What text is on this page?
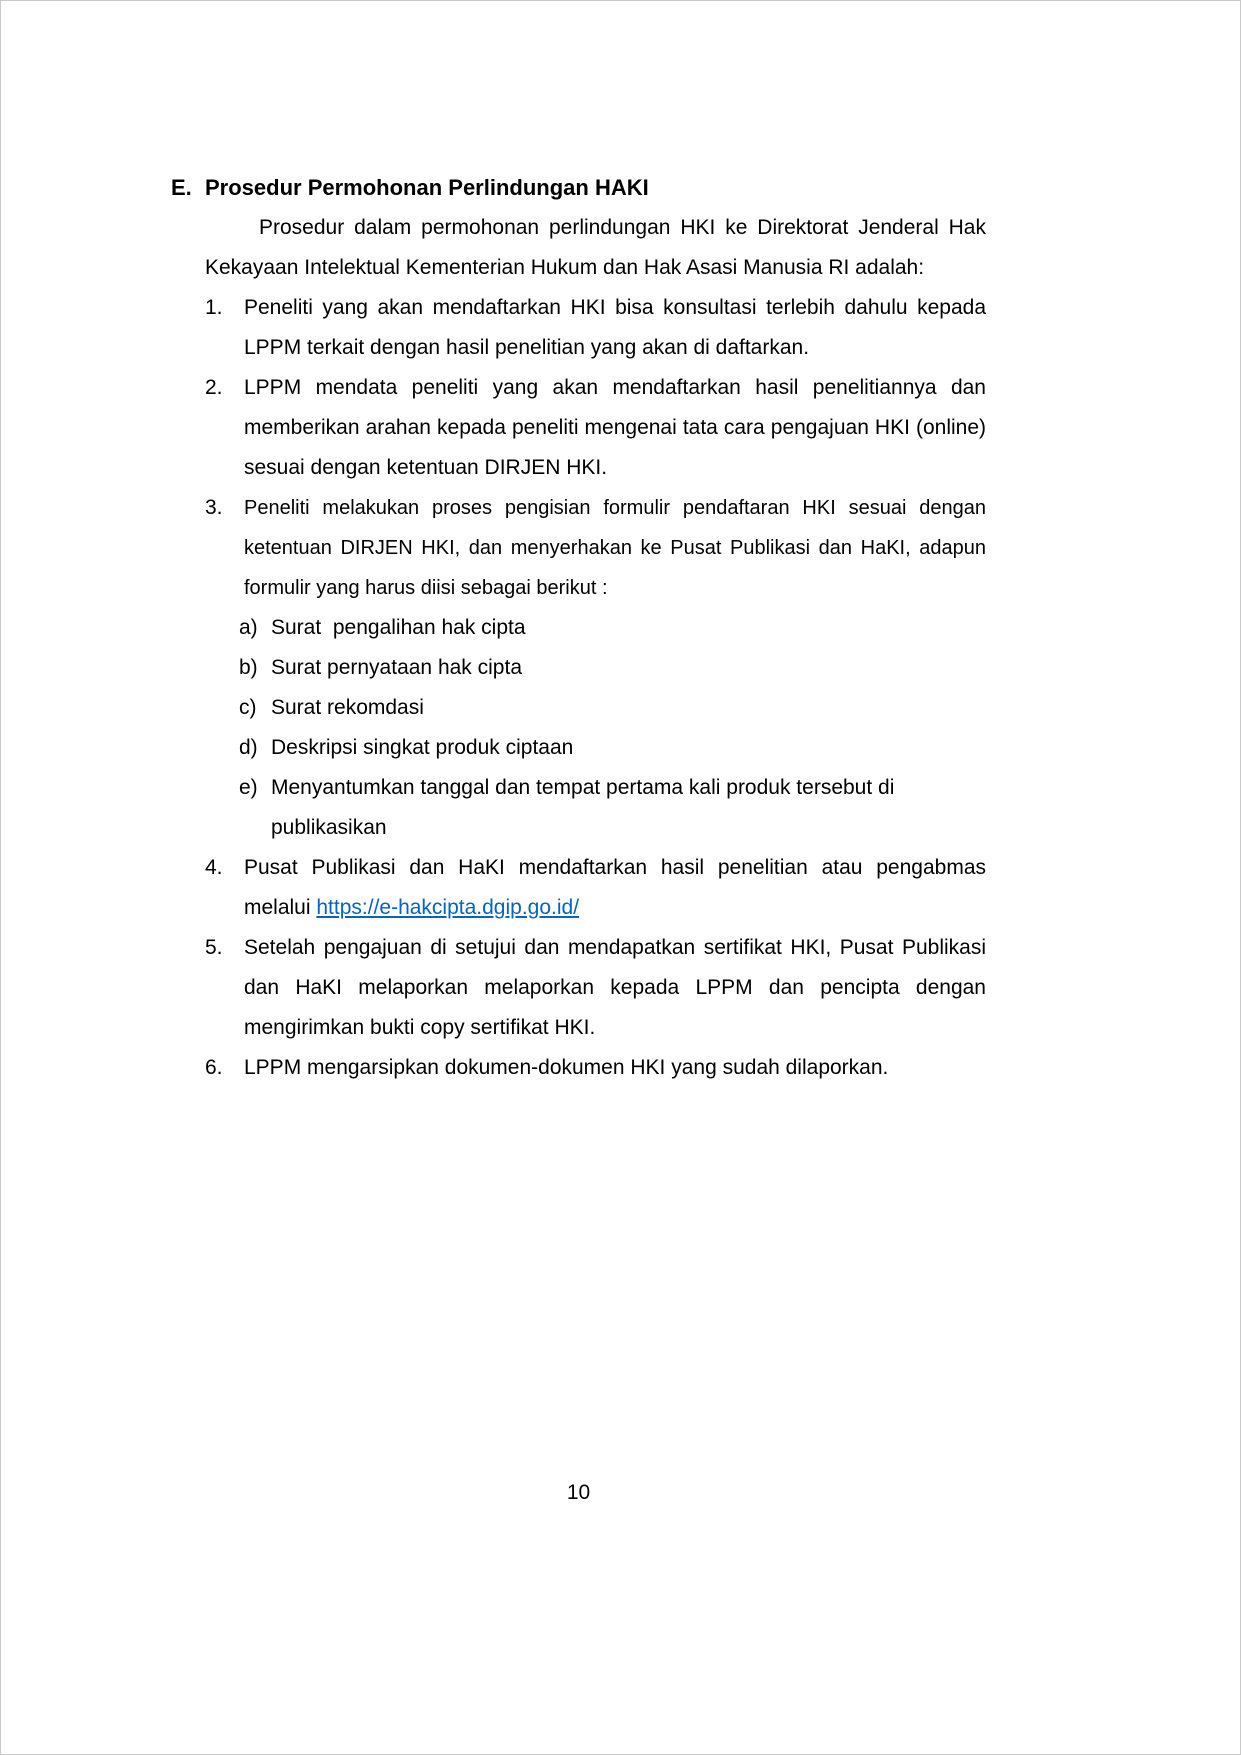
E. Prosedur Permohonan Perlindungan HAKI

Prosedur dalam permohonan perlindungan HKI ke Direktorat Jenderal Hak Kekayaan Intelektual Kementerian Hukum dan Hak Asasi Manusia RI adalah:

1.	Peneliti yang akan mendaftarkan HKI bisa konsultasi terlebih dahulu kepada LPPM terkait dengan hasil penelitian yang akan di daftarkan.
2.	LPPM mendata peneliti yang akan mendaftarkan hasil penelitiannya dan memberikan arahan kepada peneliti mengenai tata cara pengajuan HKI (online) sesuai dengan ketentuan DIRJEN HKI.
3.	Peneliti melakukan proses pengisian formulir pendaftaran HKI sesuai dengan ketentuan DIRJEN HKI, dan menyerhakan ke Pusat Publikasi dan HaKI, adapun formulir yang harus diisi sebagai berikut :
a) Surat  pengalihan hak cipta
b) Surat pernyataan hak cipta
c) Surat rekomdasi
d) Deskripsi singkat produk ciptaan
e) Menyantumkan tanggal dan tempat pertama kali produk tersebut di publikasikan
4.	Pusat Publikasi dan HaKI mendaftarkan hasil penelitian atau pengabmas melalui https://e-hakcipta.dgip.go.id/
5.	Setelah pengajuan di setujui dan mendapatkan sertifikat HKI, Pusat Publikasi dan HaKI melaporkan melaporkan kepada LPPM dan pencipta dengan mengirimkan bukti copy sertifikat HKI.
6.	LPPM mengarsipkan dokumen-dokumen HKI yang sudah dilaporkan.
10
